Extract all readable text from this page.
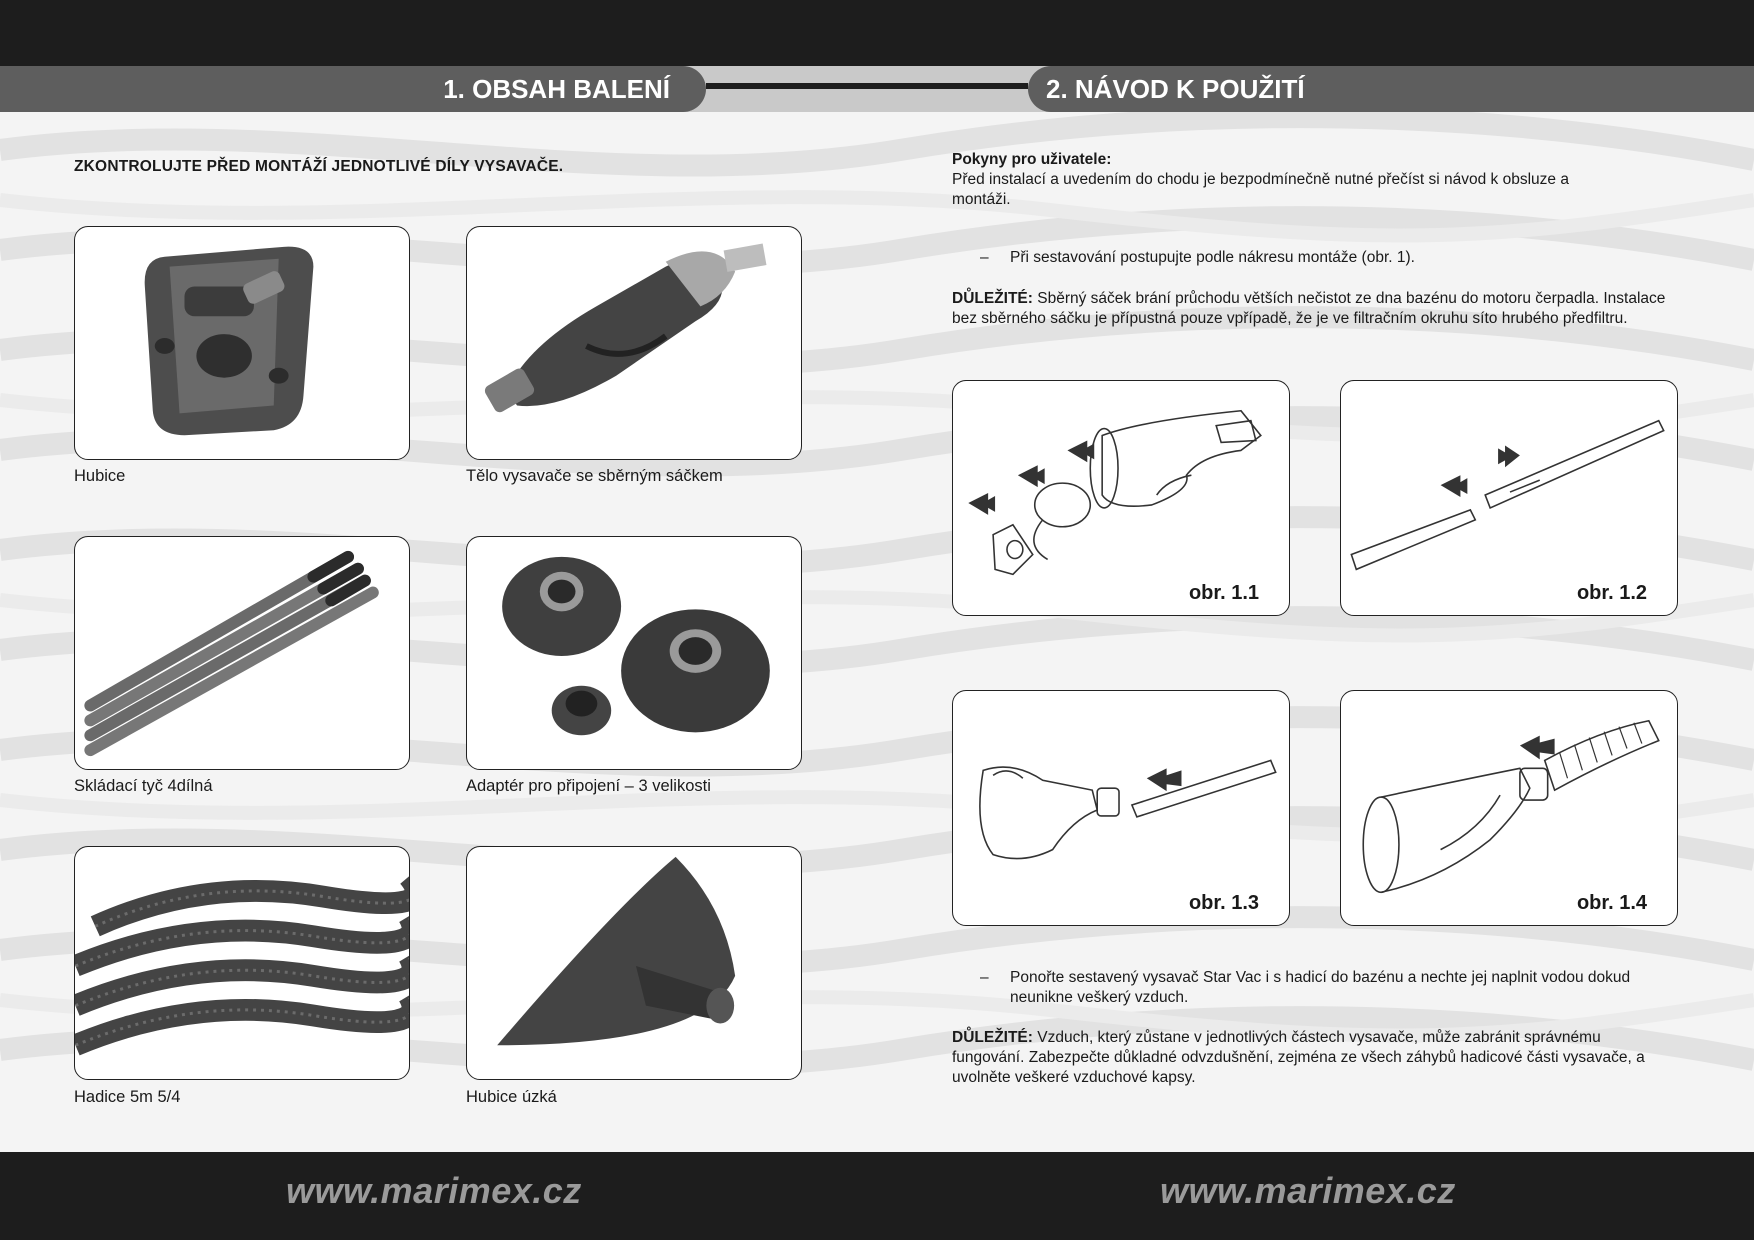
1. OBSAH BALENÍ	2. NÁVOD K POUŽITÍ
ZKONTROLUJTE PŘED MONTÁŽÍ JEDNOTLIVÉ DÍLY VYSAVAČE.
Hubice	Tělo vysavače se sběrným sáčkem
Skládací tyč 4dílná	Adaptér pro připojení – 3 velikosti
Hadice 5m 5/4	Hubice úzká
Pokyny pro uživatele:
Před instalací a uvedením do chodu je bezpodmínečně nutné přečíst si návod k obsluze a montáži.
– Při sestavování postupujte podle nákresu montáže (obr. 1).
DŮLEŽITÉ: Sběrný sáček brání průchodu větších nečistot ze dna bazénu do motoru čerpadla. Instalace bez sběrného sáčku je přípustná pouze vpřípadě, že je ve filtračním okruhu síto hrubého předfiltru.
obr. 1.1	obr. 1.2
obr. 1.3	obr. 1.4
– Ponořte sestavený vysavač Star Vac i s hadicí do bazénu a nechte jej naplnit vodou dokud neunikne veškerý vzduch.
DŮLEŽITÉ: Vzduch, který zůstane v jednotlivých částech vysavače, může zabránit správnému fungování. Zabezpečte důkladné odvzdušnění, zejména ze všech záhybů hadicové části vysavače, a uvolněte veškeré vzduchové kapsy.
www.marimex.cz	www.marimex.cz
